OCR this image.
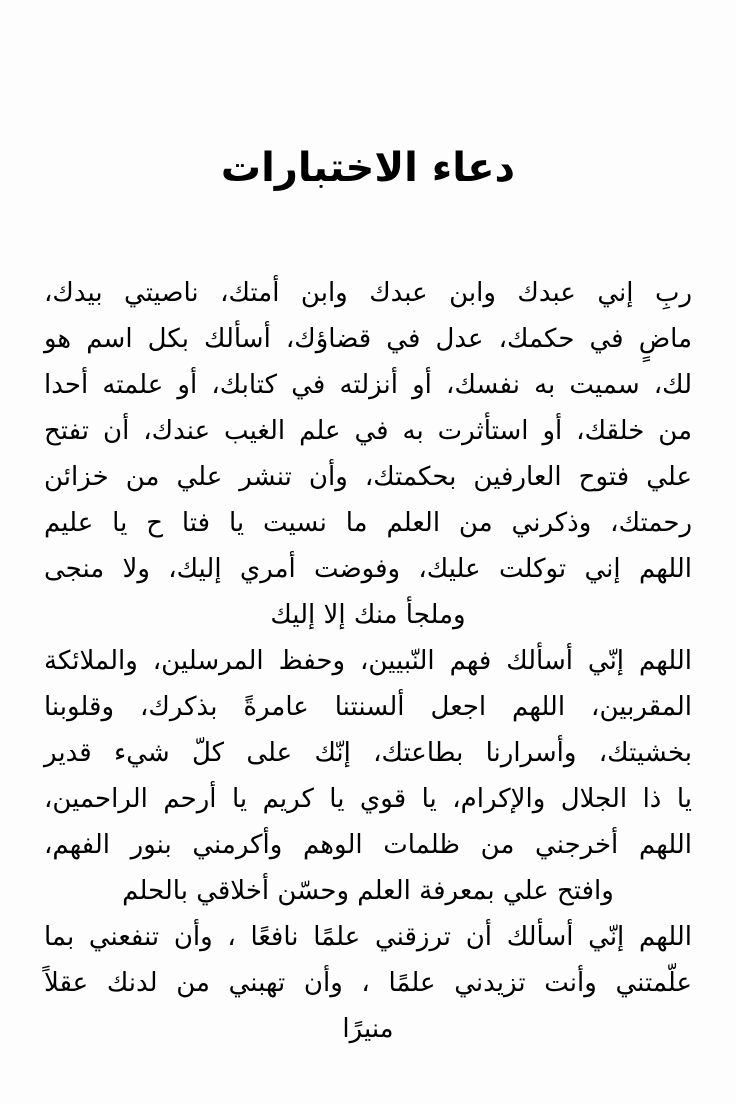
دعاء الاختبارات
ربِ إني عبدك وابن عبدك وابن أمتك، ناصيتي بيدك،
ماضٍ في حكمك، عدل في قضاؤك، أسألك بكل اسم هو
لك، سميت به نفسك، أو أنزلته في كتابك، أو علمته أحدا
من خلقك، أو استأثرت به في علم الغيب عندك، أن تفتح
علي فتوح العارفين بحكمتك، وأن تنشر علي من خزائن
رحمتك، وذكرني من العلم ما نسيت يا فتا ح يا عليم
اللهم إني توكلت عليك، وفوضت أمري إليك، ولا منجى
وملجأ منك إلا إليك
اللهم إنّي أسألك فهم النّبيين، وحفظ المرسلين، والملائكة
المقربين، اللهم اجعل ألسنتنا عامرةً بذكرك، وقلوبنا
بخشيتك، وأسرارنا بطاعتك، إنّك على كلّ شيء قدير
يا ذا الجلال والإكرام، يا قوي يا كريم يا أرحم الراحمين،
اللهم أخرجني من ظلمات الوهم وأكرمني بنور الفهم،
وافتح علي بمعرفة العلم وحسّن أخلاقي بالحلم
اللهم إنّي أسألك أن ترزقني علمًا نافعًا ، وأن تنفعني بما
علّمتني وأنت تزيدني علمًا ، وأن تهبني من لدنك عقلاً
منيرًا
